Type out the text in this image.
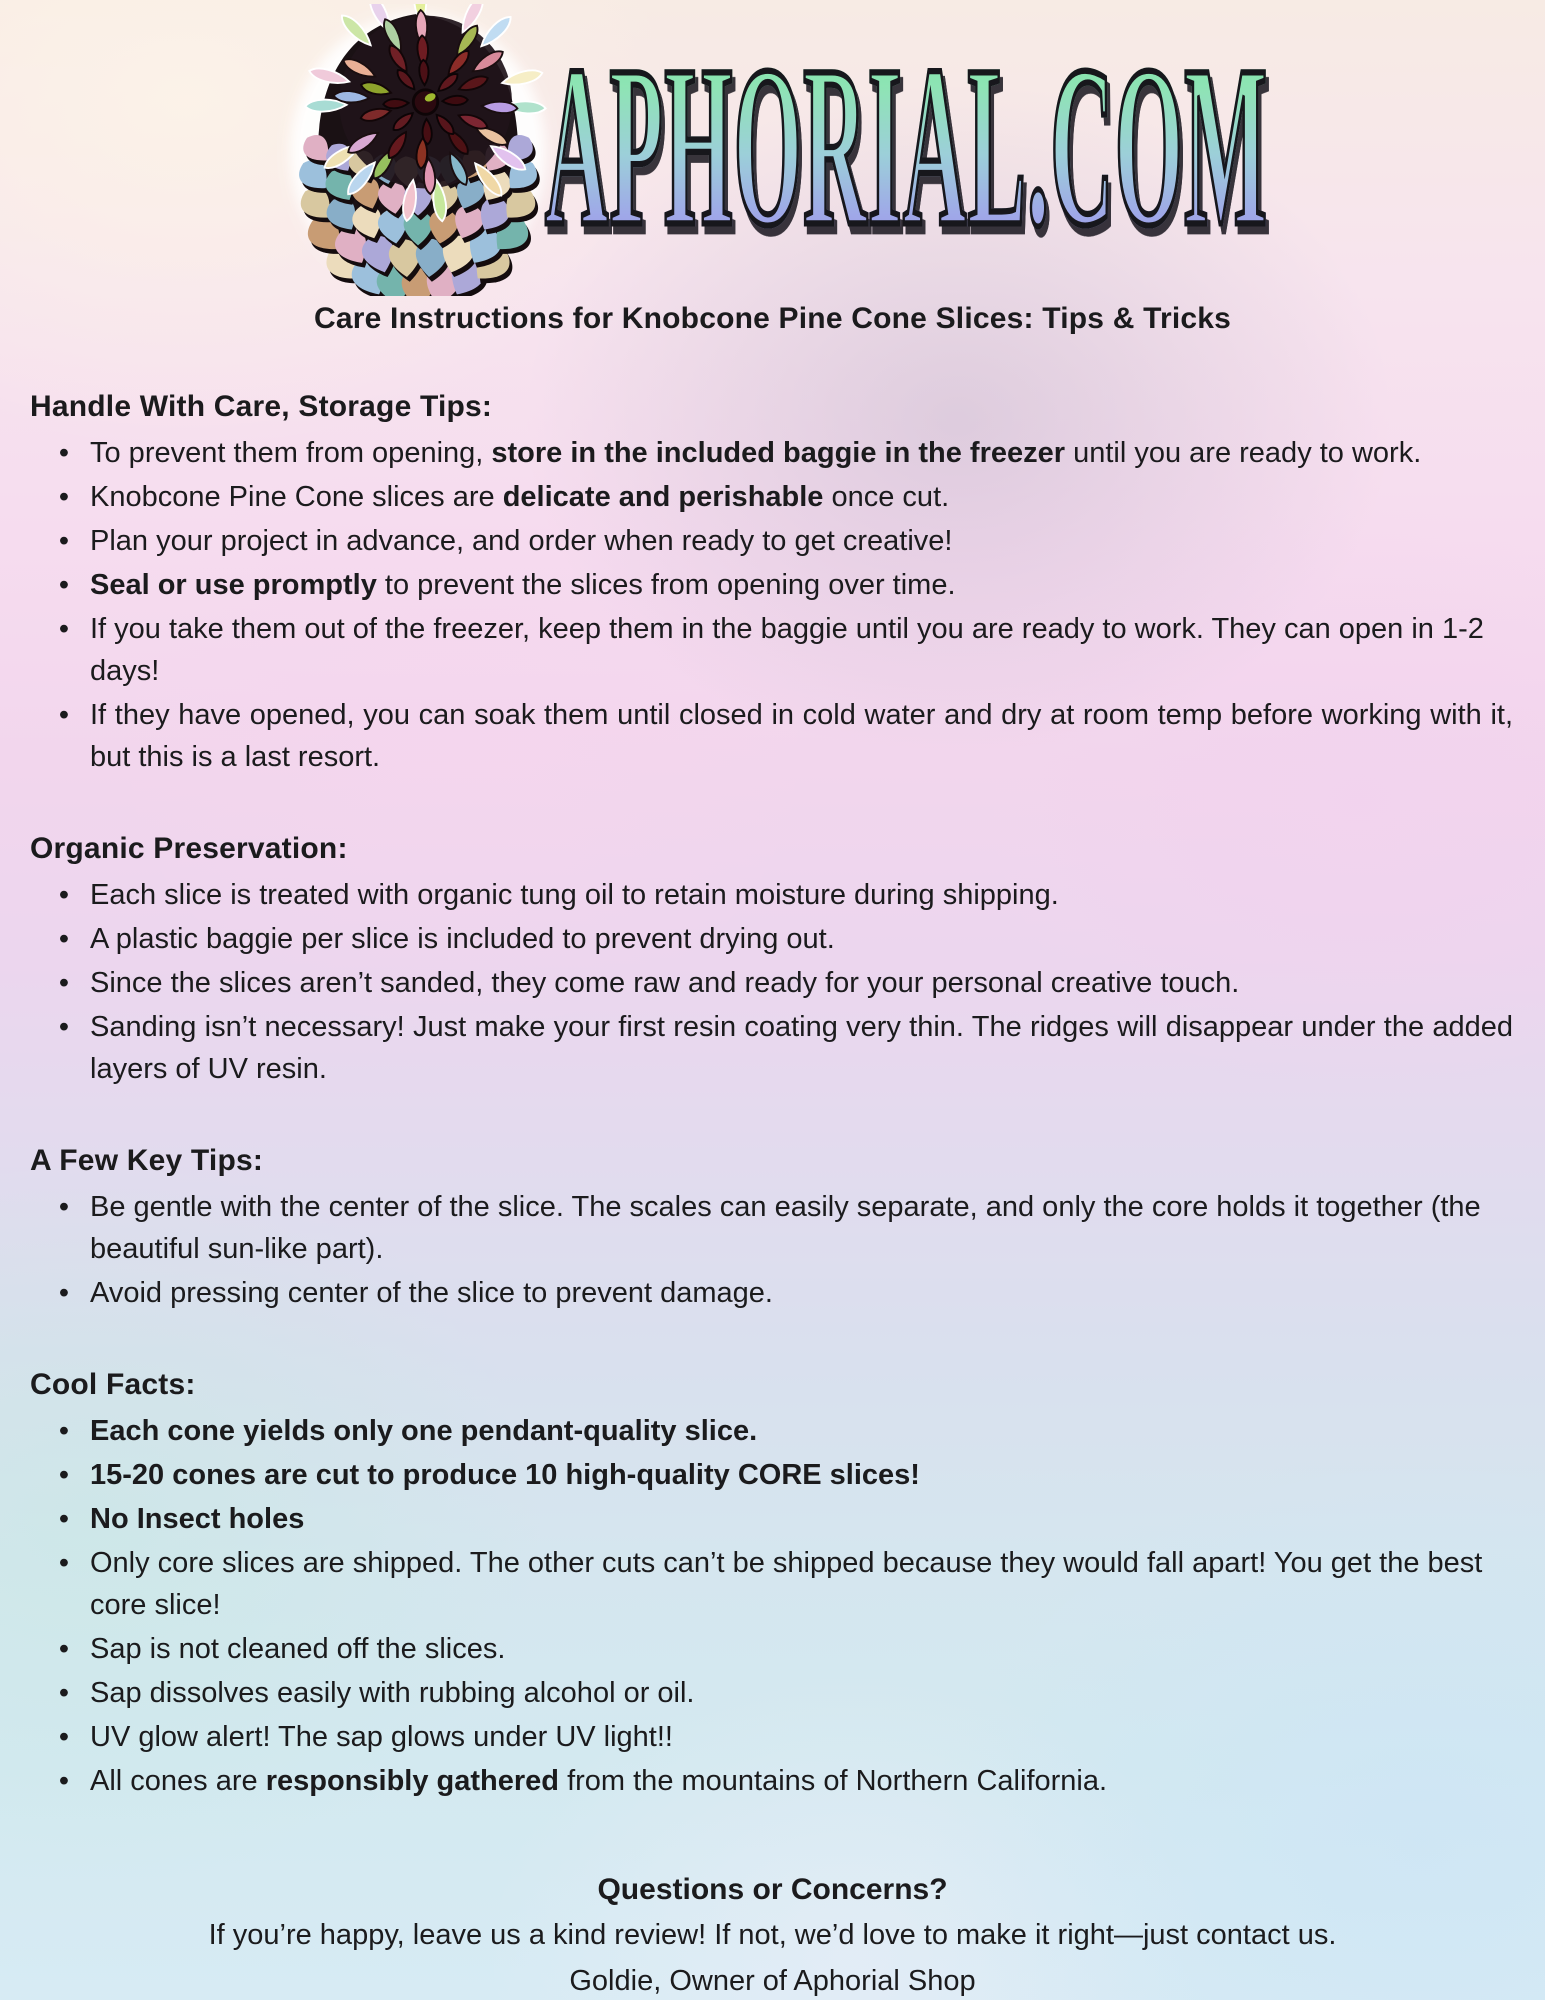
APHORIAL.COM
Care Instructions for Knobcone Pine Cone Slices: Tips & Tricks
Handle With Care, Storage Tips:
• To prevent them from opening, store in the included baggie in the freezer until you are ready to work.
• Knobcone Pine Cone slices are delicate and perishable once cut.
• Plan your project in advance, and order when ready to get creative!
• Seal or use promptly to prevent the slices from opening over time.
• If you take them out of the freezer, keep them in the baggie until you are ready to work. They can open in 1-2 days!
• If they have opened, you can soak them until closed in cold water and dry at room temp before working with it, but this is a last resort.
Organic Preservation:
• Each slice is treated with organic tung oil to retain moisture during shipping.
• A plastic baggie per slice is included to prevent drying out.
• Since the slices aren’t sanded, they come raw and ready for your personal creative touch.
• Sanding isn’t necessary! Just make your first resin coating very thin. The ridges will disappear under the added layers of UV resin.
A Few Key Tips:
• Be gentle with the center of the slice. The scales can easily separate, and only the core holds it together (the beautiful sun-like part).
• Avoid pressing center of the slice to prevent damage.
Cool Facts:
• Each cone yields only one pendant-quality slice.
• 15-20 cones are cut to produce 10 high-quality CORE slices!
• No Insect holes
• Only core slices are shipped. The other cuts can’t be shipped because they would fall apart! You get the best core slice!
• Sap is not cleaned off the slices.
• Sap dissolves easily with rubbing alcohol or oil.
• UV glow alert! The sap glows under UV light!!
• All cones are responsibly gathered from the mountains of Northern California.
Questions or Concerns?
If you’re happy, leave us a kind review! If not, we’d love to make it right—just contact us.
Goldie, Owner of Aphorial Shop
